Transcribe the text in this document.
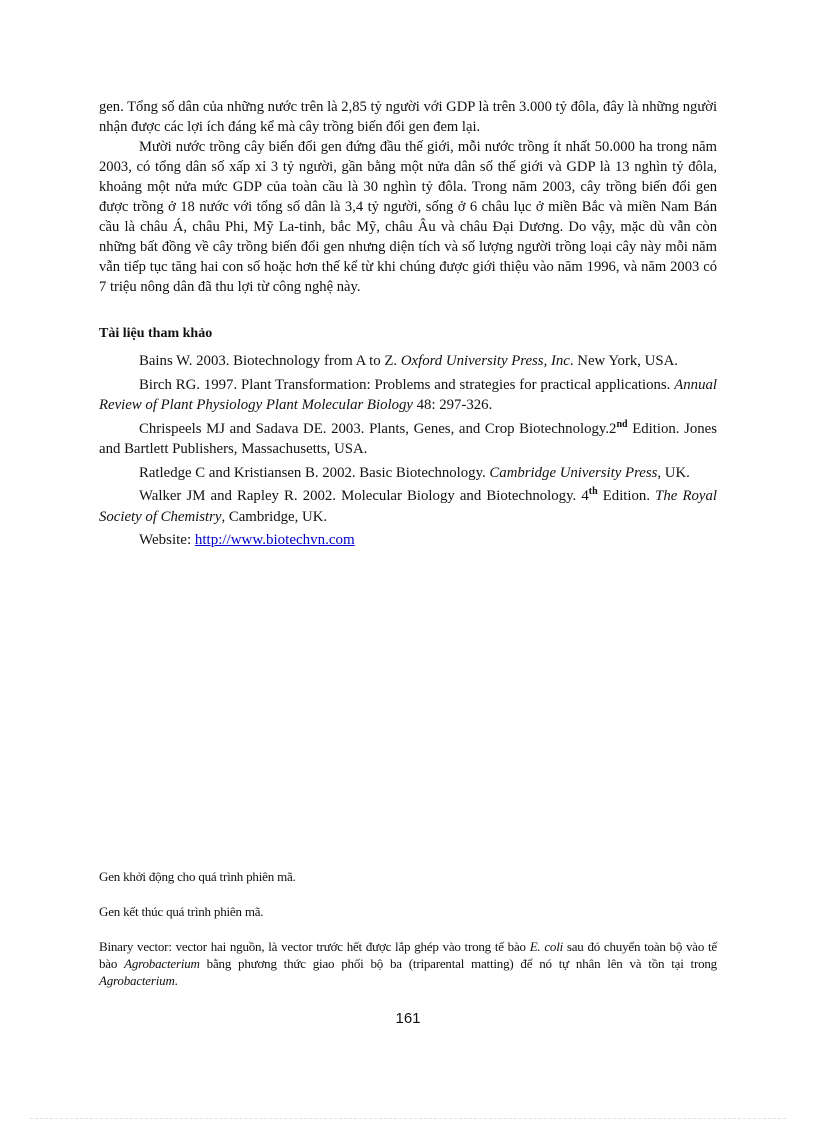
gen. Tổng số dân của những nước trên là 2,85 tỷ người với GDP là trên 3.000 tỷ đôla, đây là những người nhận được các lợi ích đáng kể mà cây trồng biến đổi gen đem lại.

Mười nước trồng cây biến đổi gen đứng đầu thế giới, mỗi nước trồng ít nhất 50.000 ha trong năm 2003, có tổng dân số xấp xỉ 3 tỷ người, gần bằng một nửa dân số thế giới và GDP là 13 nghìn tỷ đôla, khoảng một nửa mức GDP của toàn cầu là 30 nghìn tỷ đôla. Trong năm 2003, cây trồng biến đổi gen được trồng ở 18 nước với tổng số dân là 3,4 tỷ người, sống ở 6 châu lục ở miền Bắc và miền Nam Bán cầu là châu Á, châu Phi, Mỹ La-tinh, bắc Mỹ, châu Âu và châu Đại Dương. Do vậy, mặc dù vẫn còn những bất đồng về cây trồng biến đổi gen nhưng diện tích và số lượng người trồng loại cây này mỗi năm vẫn tiếp tục tăng hai con số hoặc hơn thế kể từ khi chúng được giới thiệu vào năm 1996, và năm 2003 có 7 triệu nông dân đã thu lợi từ công nghệ này.

Tài liệu tham khảo

Bains W. 2003. Biotechnology from A to Z. Oxford University Press, Inc. New York, USA.

Birch RG. 1997. Plant Transformation: Problems and strategies for practical applications. Annual Review of Plant Physiology Plant Molecular Biology 48: 297-326.

Chrispeels MJ and Sadava DE. 2003. Plants, Genes, and Crop Biotechnology.2nd Edition. Jones and Bartlett Publishers, Massachusetts, USA.

Ratledge C and Kristiansen B. 2002. Basic Biotechnology. Cambridge University Press, UK.

Walker JM and Rapley R. 2002. Molecular Biology and Biotechnology. 4th Edition. The Royal Society of Chemistry, Cambridge, UK.

Website: http://www.biotechvn.com

Gen khởi động cho quá trình phiên mã.

Gen kết thúc quá trình phiên mã.

Binary vector: vector hai nguồn, là vector trước hết được lắp ghép vào trong tế bào E. coli sau đó chuyển toàn bộ vào tế bào Agrobacterium bằng phương thức giao phối bộ ba (triparental matting) để nó tự nhân lên và tồn tại trong Agrobacterium.

161
